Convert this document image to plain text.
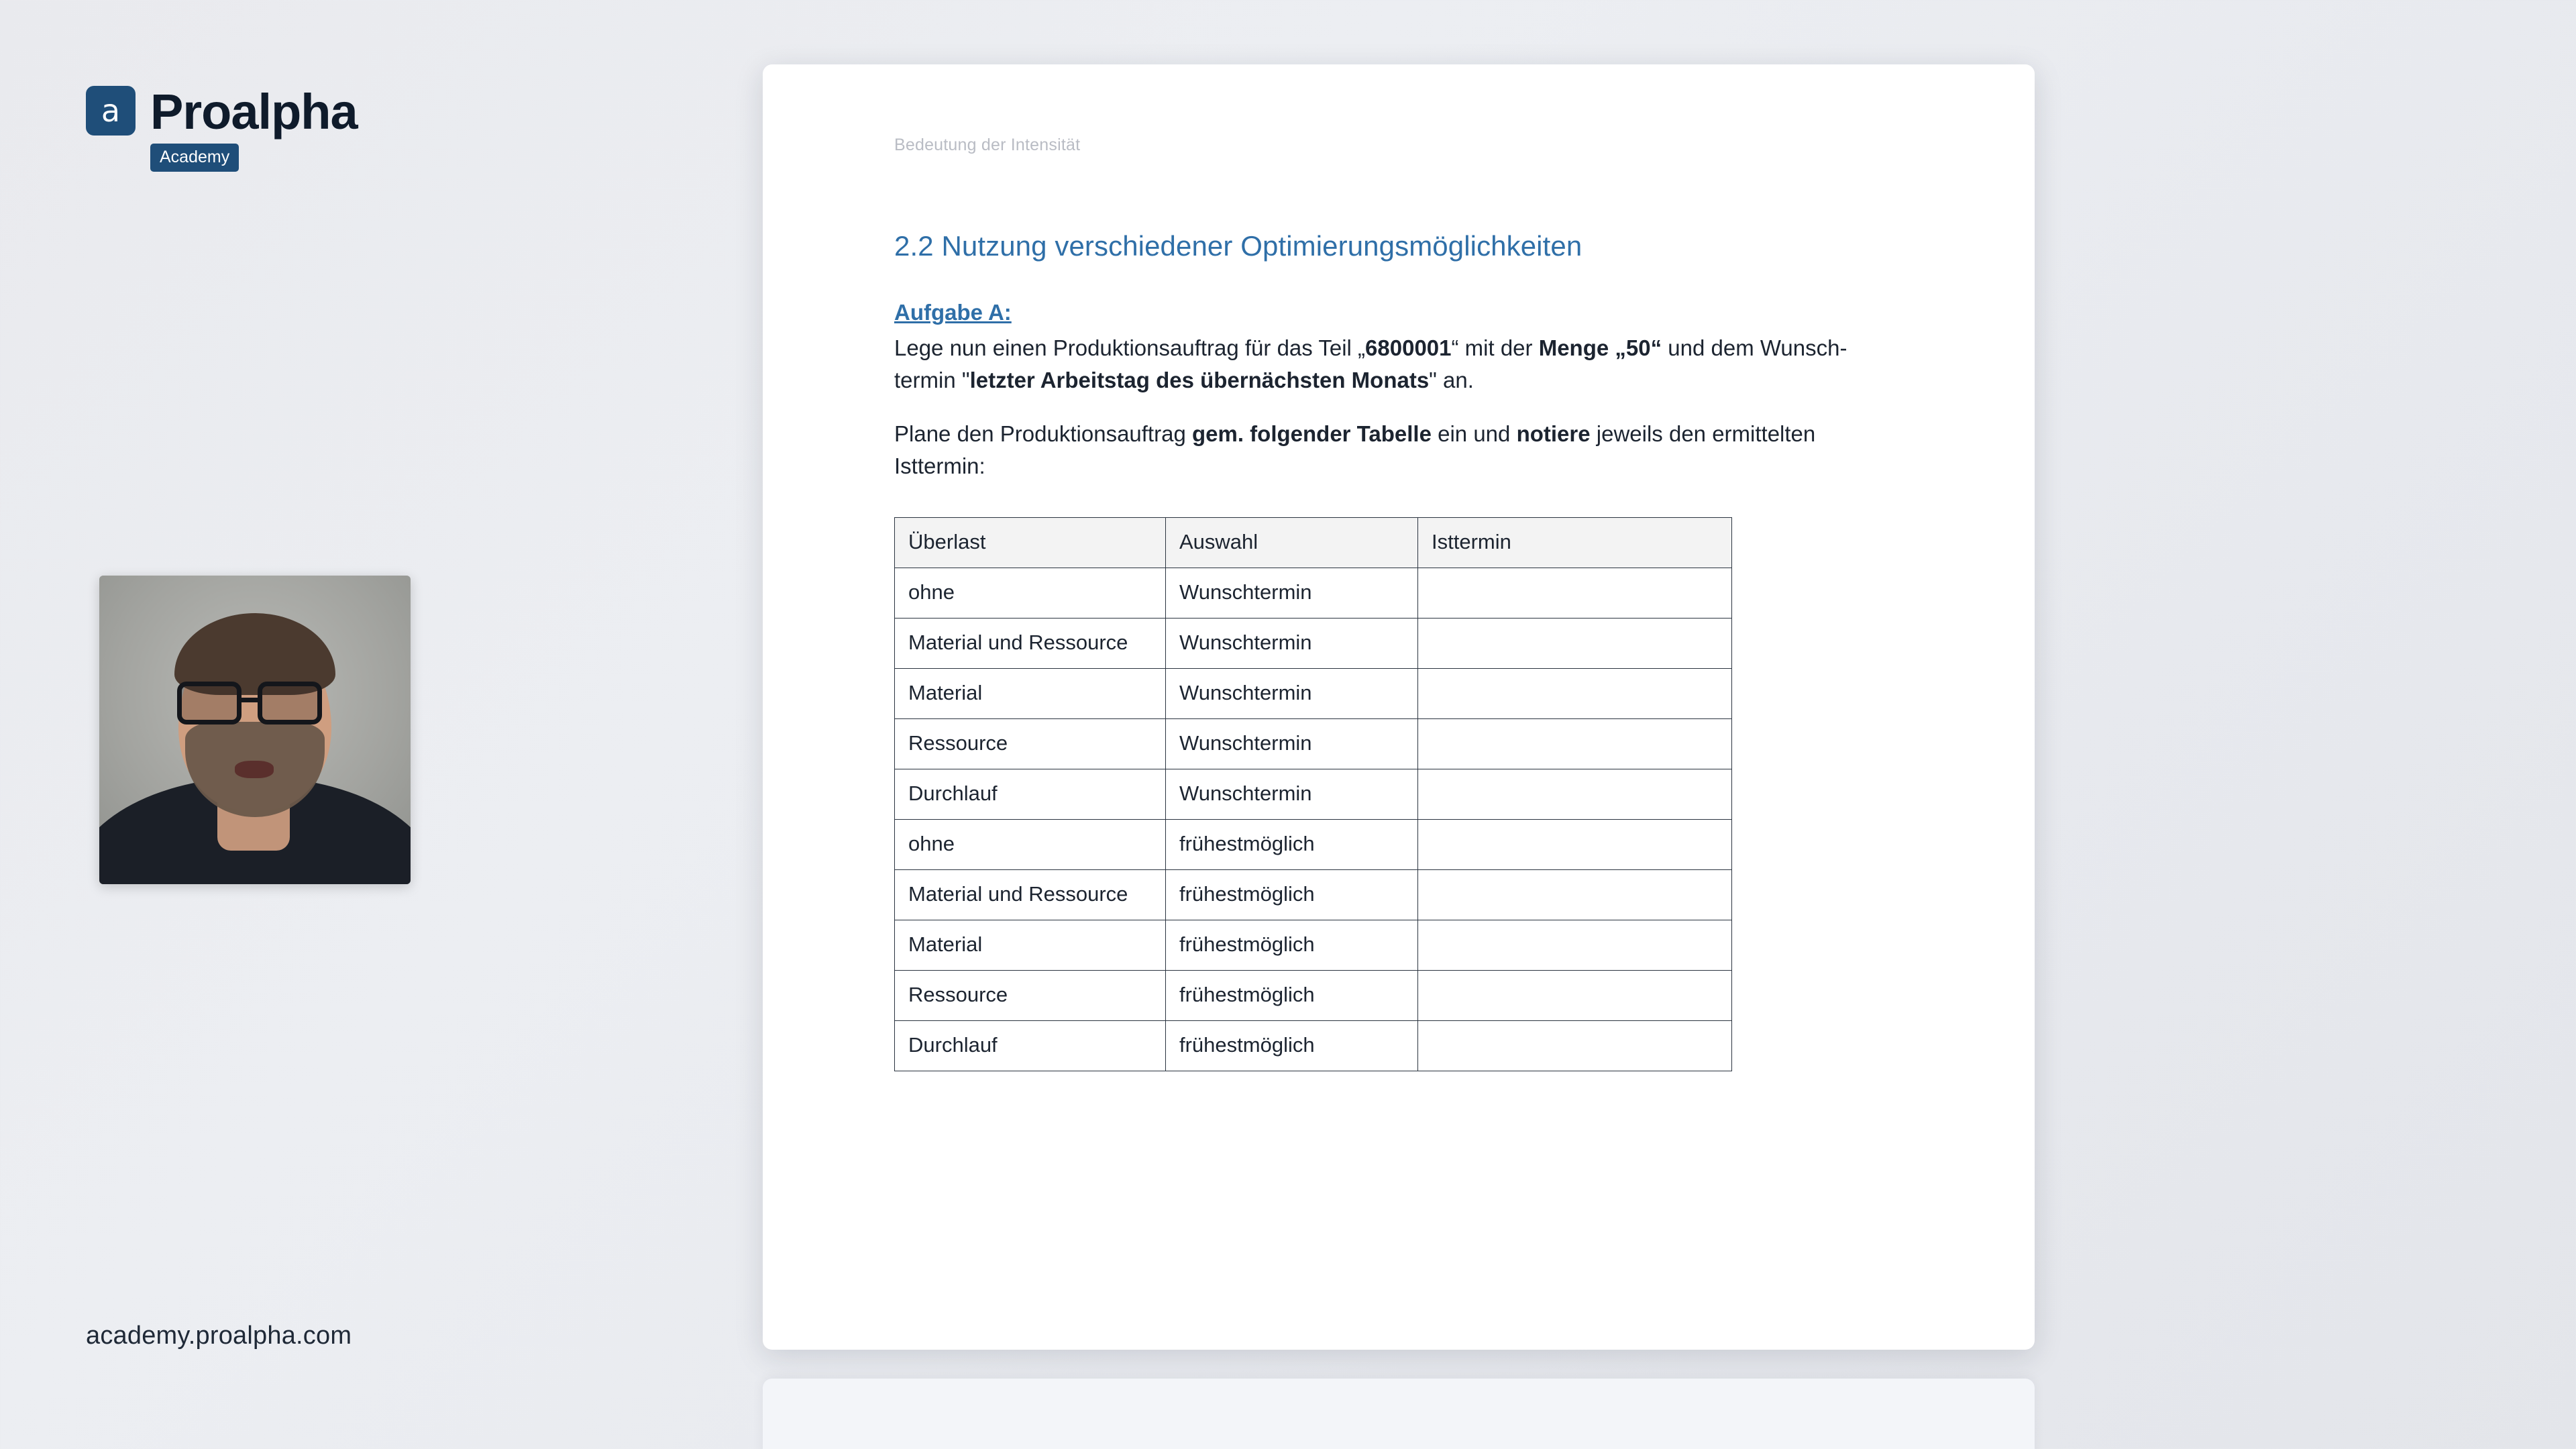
a Proalpha
Academy
academy.proalpha.com
Bedeutung der Intensität
2.2 Nutzung verschiedener Optimierungsmöglichkeiten
Aufgabe A:

Lege nun einen Produktionsauftrag für das Teil „6800001“ mit der Menge „50“ und dem Wunsch-termin "letzter Arbeitstag des übernächsten Monats" an.

Plane den Produktionsauftrag gem. folgender Tabelle ein und notiere jeweils den ermittelten Isttermin:

Überlast	Auswahl	Isttermin
ohne	Wunschtermin	
Material und Ressource	Wunschtermin	
Material	Wunschtermin	
Ressource	Wunschtermin	
Durchlauf	Wunschtermin	
ohne	frühestmöglich	
Material und Ressource	frühestmöglich	
Material	frühestmöglich	
Ressource	frühestmöglich	
Durchlauf	frühestmöglich	
